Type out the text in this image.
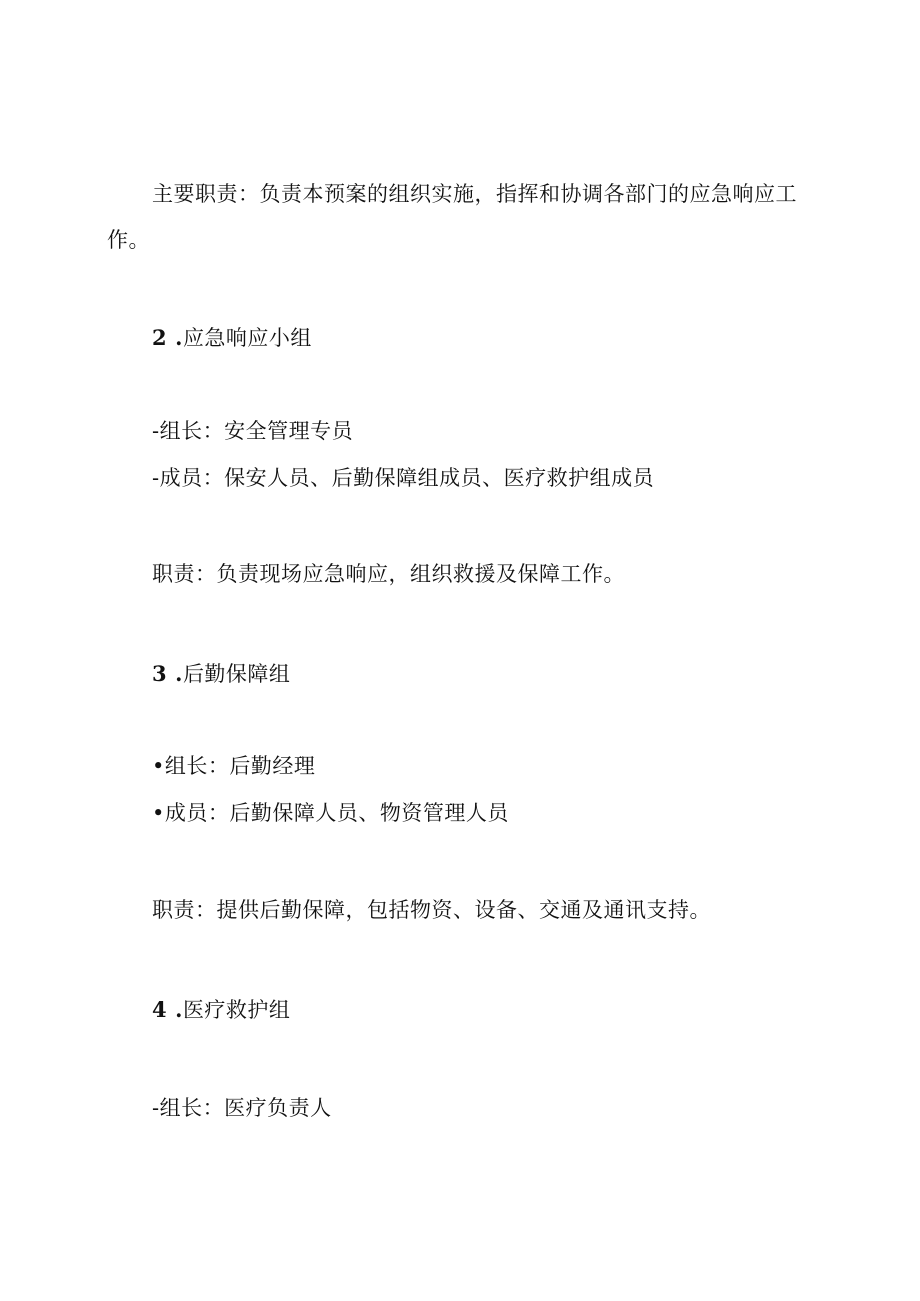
主要职责：负责本预案的组织实施，指挥和协调各部门的应急响应工
作。
2 .应急响应小组
-组长：安全管理专员
-成员：保安人员、后勤保障组成员、医疗救护组成员
职责：负责现场应急响应，组织救援及保障工作。
3 .后勤保障组
•组长：后勤经理
•成员：后勤保障人员、物资管理人员
职责：提供后勤保障，包括物资、设备、交通及通讯支持。
4 .医疗救护组
-组长：医疗负责人
